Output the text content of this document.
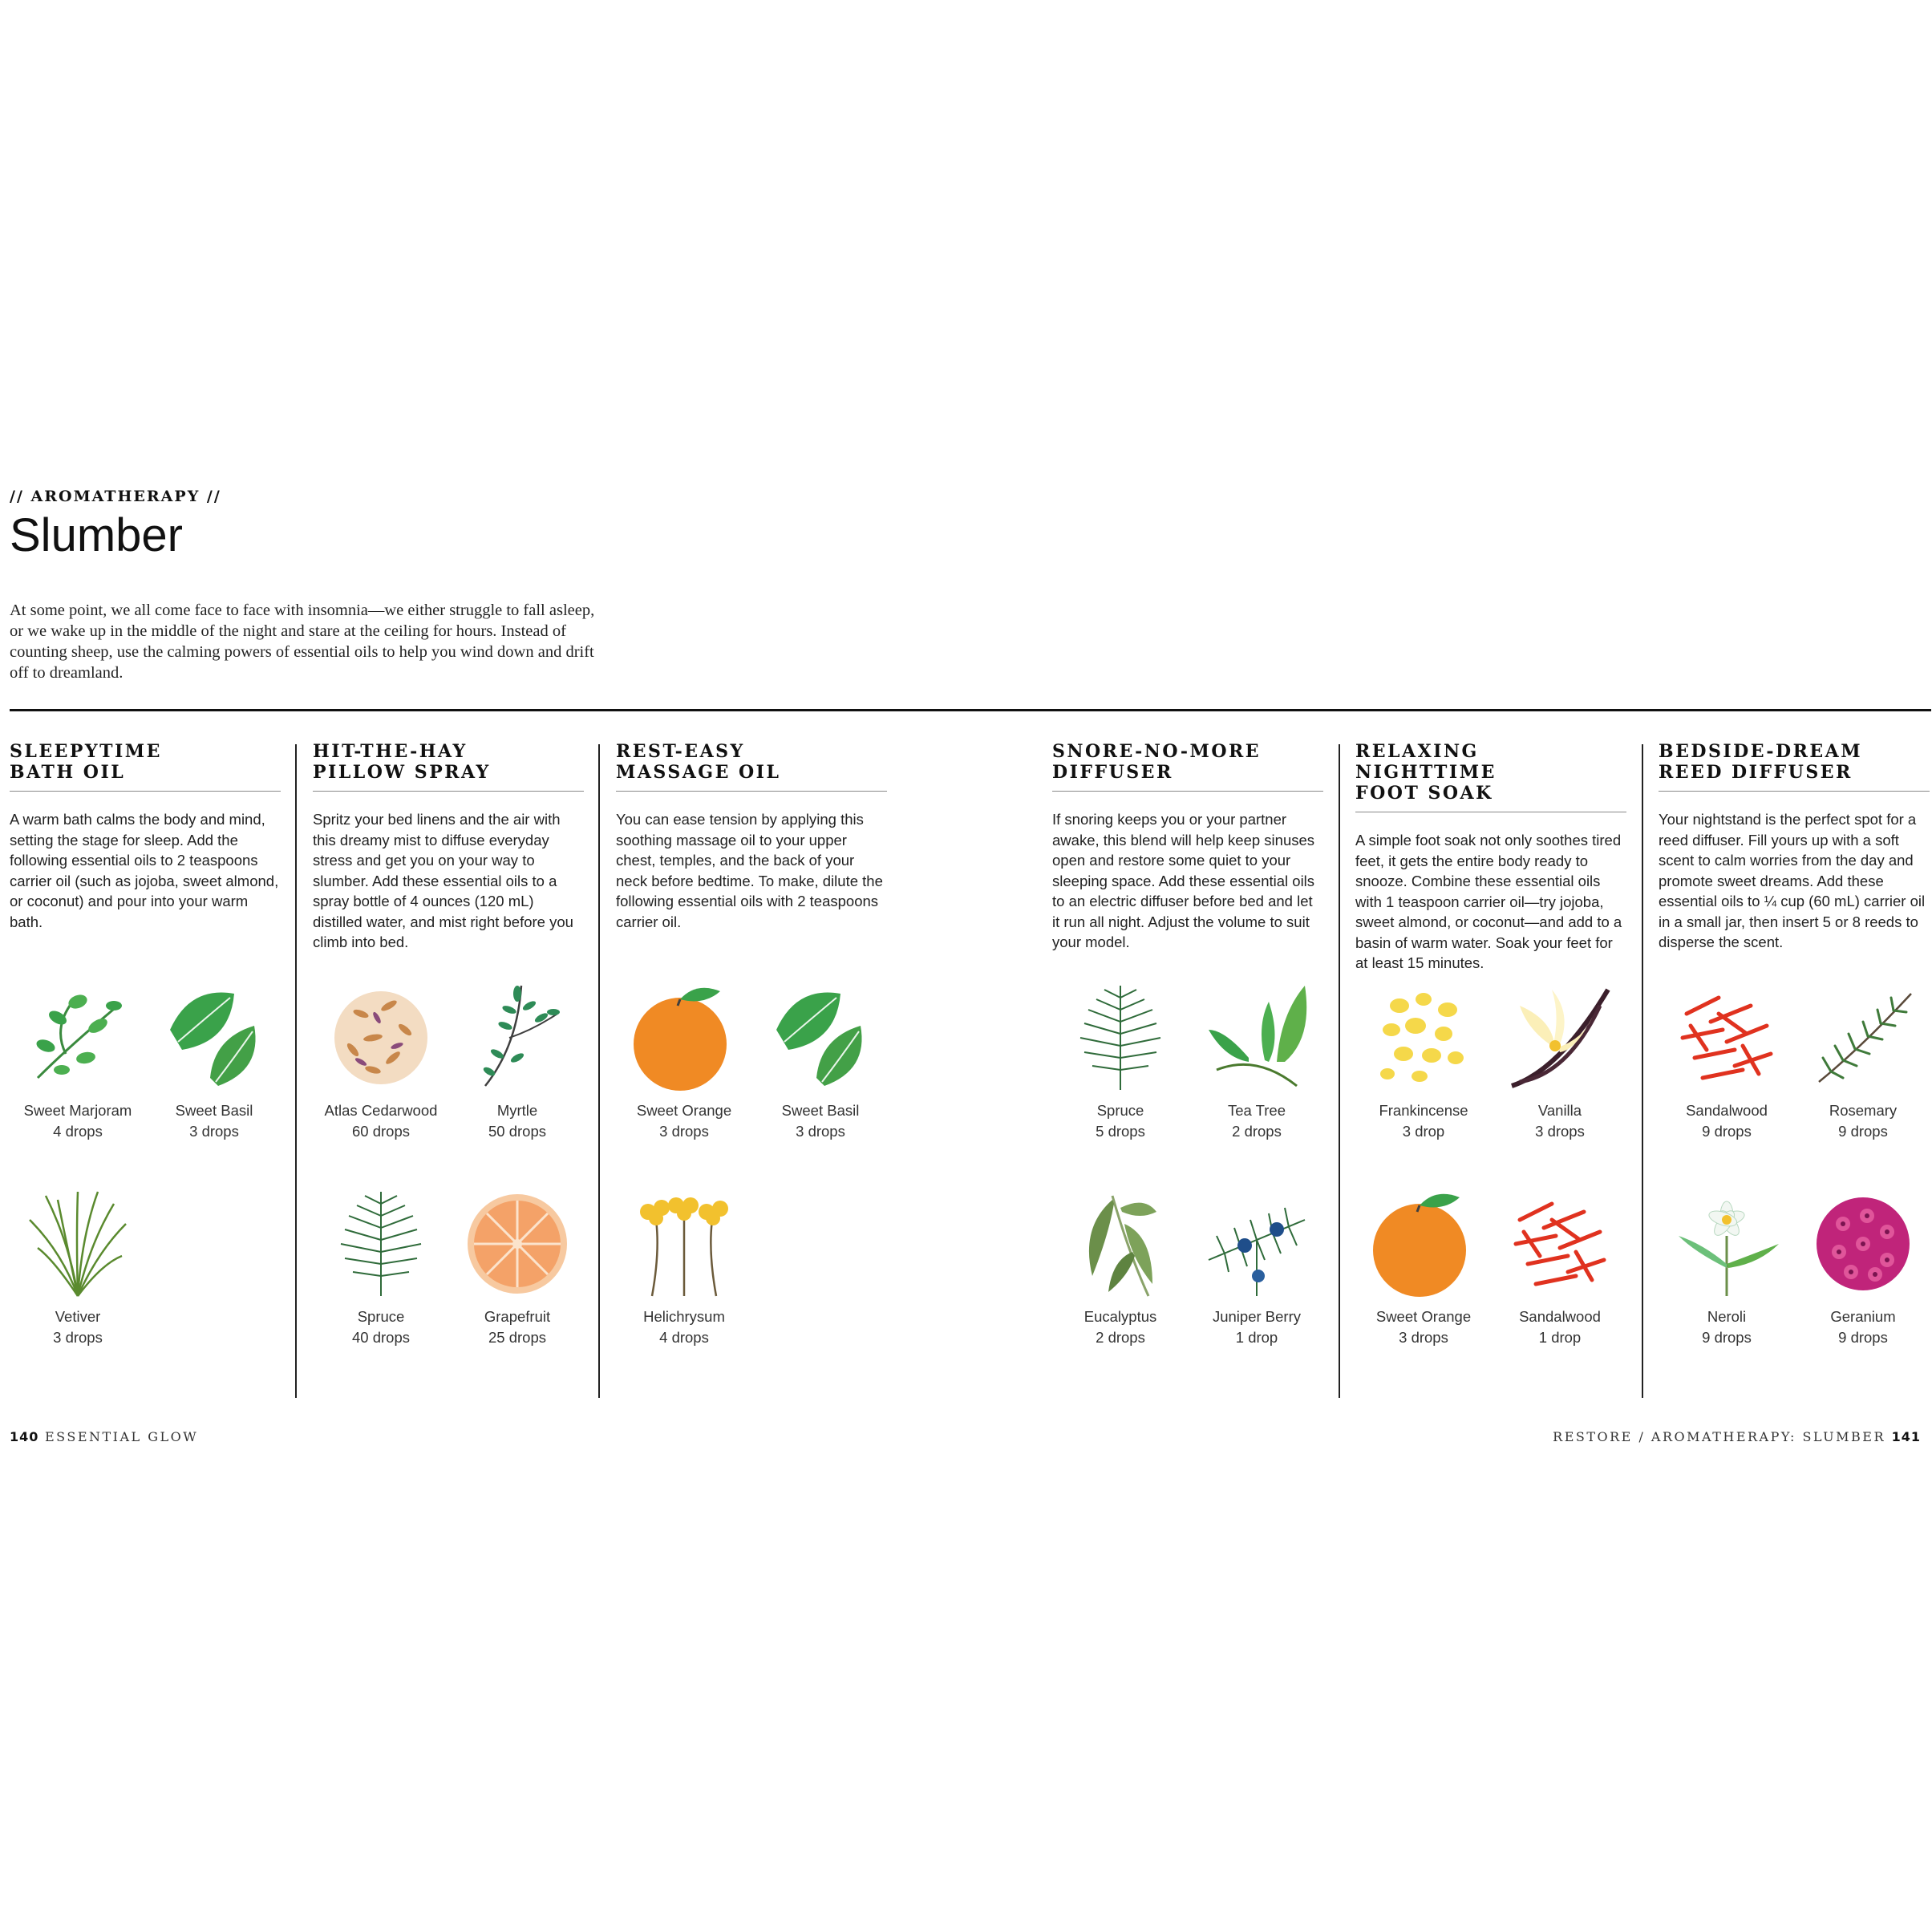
// AROMATHERAPY //
Slumber

At some point, we all come face to face with insomnia—we either struggle to fall asleep, or we wake up in the middle of the night and stare at the ceiling for hours. Instead of counting sheep, use the calming powers of essential oils to help you wind down and drift off to dreamland.

SLEEPYTIME
BATH OIL

A warm bath calms the body and mind, setting the stage for sleep. Add the following essential oils to 2 teaspoons carrier oil (such as jojoba, sweet almond, or coconut) and pour into your warm bath.

Sweet Marjoram
4 drops
Sweet Basil
3 drops
Vetiver
3 drops
HIT-THE-HAY
PILLOW SPRAY

Spritz your bed linens and the air with this dreamy mist to diffuse everyday stress and get you on your way to slumber. Add these essential oils to a spray bottle of 4 ounces (120 mL) distilled water, and mist right before you climb into bed.

Atlas Cedarwood
60 drops
Myrtle
50 drops
Spruce
40 drops
Grapefruit
25 drops
REST-EASY
MASSAGE OIL

You can ease tension by applying this soothing massage oil to your upper chest, temples, and the back of your neck before bedtime. To make, dilute the following essential oils with 2 teaspoons carrier oil.

Sweet Orange
3 drops
Sweet Basil
3 drops
Helichrysum
4 drops
SNORE-NO-MORE
DIFFUSER

If snoring keeps you or your partner awake, this blend will help keep sinuses open and restore some quiet to your sleeping space. Add these essential oils to an electric diffuser before bed and let it run all night. Adjust the volume to suit your model.

Spruce
5 drops
Tea Tree
2 drops
Eucalyptus
2 drops
Juniper Berry
1 drop
RELAXING NIGHTTIME
FOOT SOAK

A simple foot soak not only soothes tired feet, it gets the entire body ready to snooze. Combine these essential oils with 1 teaspoon carrier oil—try jojoba, sweet almond, or coconut—and add to a basin of warm water. Soak your feet for at least 15 minutes.

Frankincense
3 drop
Vanilla
3 drops
Sweet Orange
3 drops
Sandalwood
1 drop
BEDSIDE-DREAM
REED DIFFUSER

Your nightstand is the perfect spot for a reed diffuser. Fill yours up with a soft scent to calm worries from the day and promote sweet dreams. Add these essential oils to ¼ cup (60 mL) carrier oil in a small jar, then insert 5 or 8 reeds to disperse the scent.

Sandalwood
9 drops
Rosemary
9 drops
Neroli
9 drops
Geranium
9 drops
140 ESSENTIAL GLOW	RESTORE / AROMATHERAPY: SLUMBER 141
